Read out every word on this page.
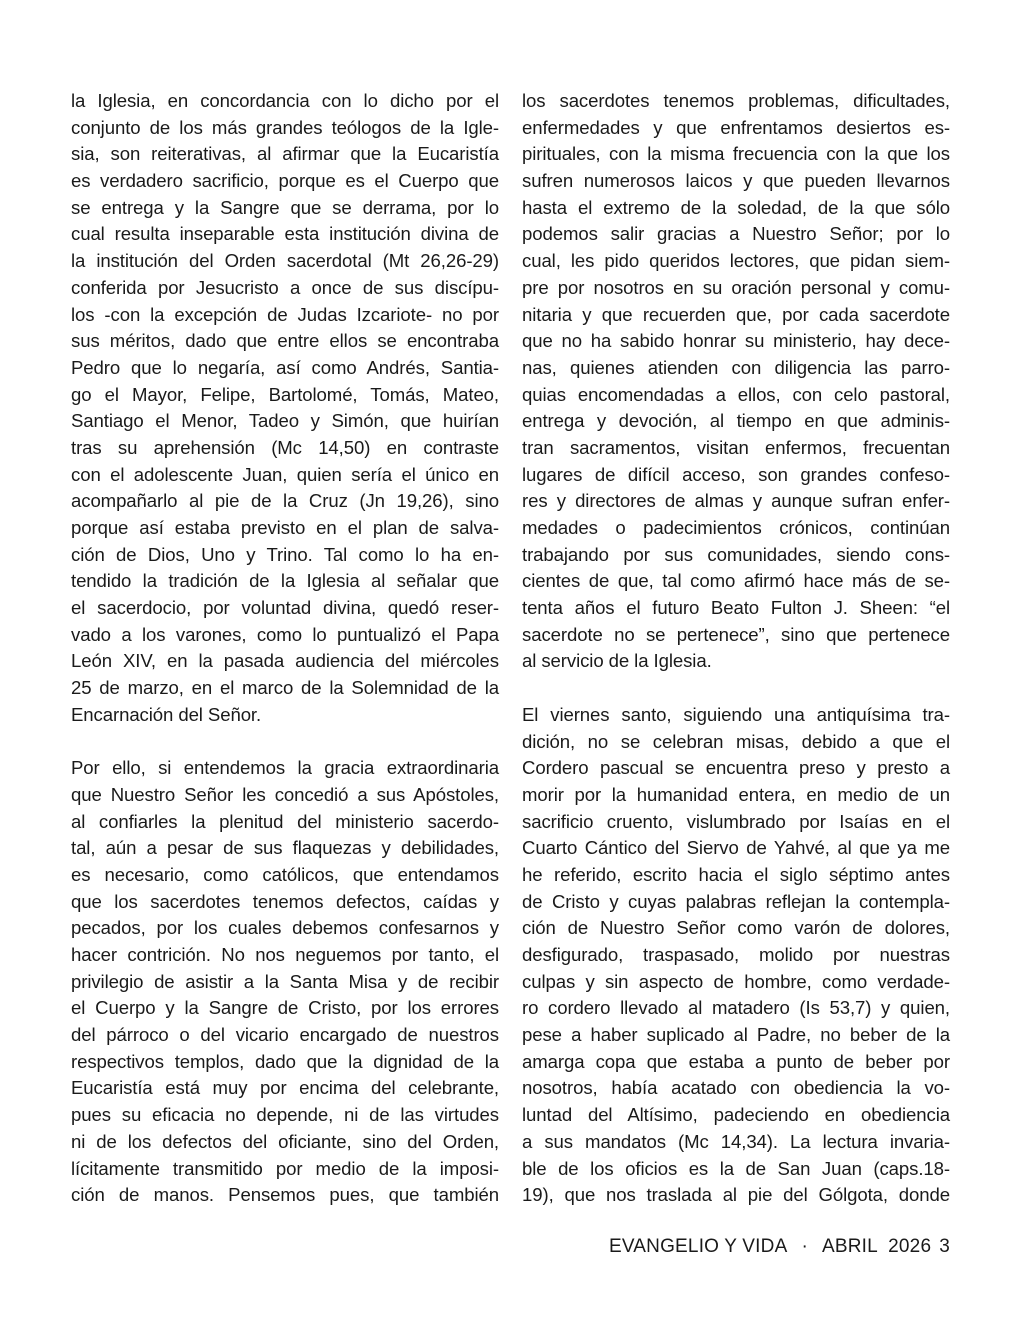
la Iglesia, en concordancia con lo dicho por el
conjunto de los más grandes teólogos de la Igle-
sia, son reiterativas, al afirmar que la Eucaristía
es verdadero sacrificio, porque es el Cuerpo que
se entrega y la Sangre que se derrama, por lo
cual resulta inseparable esta institución divina de
la institución del Orden sacerdotal (Mt 26,26-29)
conferida por Jesucristo a once de sus discípu-
los -con la excepción de Judas Izcariote- no por
sus méritos, dado que entre ellos se encontraba
Pedro que lo negaría, así como Andrés, Santia-
go el Mayor, Felipe, Bartolomé, Tomás, Mateo,
Santiago el Menor, Tadeo y Simón, que huirían
tras su aprehensión (Mc 14,50) en contraste
con el adolescente Juan, quien sería el único en
acompañarlo al pie de la Cruz (Jn 19,26), sino
porque así estaba previsto en el plan de salva-
ción de Dios, Uno y Trino. Tal como lo ha en-
tendido la tradición de la Iglesia al señalar que
el sacerdocio, por voluntad divina, quedó reser-
vado a los varones, como lo puntualizó el Papa
León XIV, en la pasada audiencia del miércoles
25 de marzo, en el marco de la Solemnidad de la
Encarnación del Señor.
Por ello, si entendemos la gracia extraordinaria
que Nuestro Señor les concedió a sus Apóstoles,
al confiarles la plenitud del ministerio sacerdo-
tal, aún a pesar de sus flaquezas y debilidades,
es necesario, como católicos, que entendamos
que los sacerdotes tenemos defectos, caídas y
pecados, por los cuales debemos confesarnos y
hacer contrición. No nos neguemos por tanto, el
privilegio de asistir a la Santa Misa y de recibir
el Cuerpo y la Sangre de Cristo, por los errores
del párroco o del vicario encargado de nuestros
respectivos templos, dado que la dignidad de la
Eucaristía está muy por encima del celebrante,
pues su eficacia no depende, ni de las virtudes
ni de los defectos del oficiante, sino del Orden,
lícitamente transmitido por medio de la imposi-
ción de manos. Pensemos pues, que también
los sacerdotes tenemos problemas, dificultades,
enfermedades y que enfrentamos desiertos es-
pirituales, con la misma frecuencia con la que los
sufren numerosos laicos y que pueden llevarnos
hasta el extremo de la soledad, de la que sólo
podemos salir gracias a Nuestro Señor; por lo
cual, les pido queridos lectores, que pidan siem-
pre por nosotros en su oración personal y comu-
nitaria y que recuerden que, por cada sacerdote
que no ha sabido honrar su ministerio, hay dece-
nas, quienes atienden con diligencia las parro-
quias encomendadas a ellos, con celo pastoral,
entrega y devoción, al tiempo en que adminis-
tran sacramentos, visitan enfermos, frecuentan
lugares de difícil acceso, son grandes confeso-
res y directores de almas y aunque sufran enfer-
medades o padecimientos crónicos, continúan
trabajando por sus comunidades, siendo cons-
cientes de que, tal como afirmó hace más de se-
tenta años el futuro Beato Fulton J. Sheen: “el
sacerdote no se pertenece”, sino que pertenece
al servicio de la Iglesia.
El viernes santo, siguiendo una antiquísima tra-
dición, no se celebran misas, debido a que el
Cordero pascual se encuentra preso y presto a
morir por la humanidad entera, en medio de un
sacrificio cruento, vislumbrado por Isaías en el
Cuarto Cántico del Siervo de Yahvé, al que ya me
he referido, escrito hacia el siglo séptimo antes
de Cristo y cuyas palabras reflejan la contempla-
ción de Nuestro Señor como varón de dolores,
desfigurado, traspasado, molido por nuestras
culpas y sin aspecto de hombre, como verdade-
ro cordero llevado al matadero (Is 53,7) y quien,
pese a haber suplicado al Padre, no beber de la
amarga copa que estaba a punto de beber por
nosotros, había acatado con obediencia la vo-
luntad del Altísimo, padeciendo en obediencia
a sus mandatos (Mc 14,34). La lectura invaria-
ble de los oficios es la de San Juan (caps.18-
19), que nos traslada al pie del Gólgota, donde
EVANGELIO Y VIDA · ABRIL  2026 3
